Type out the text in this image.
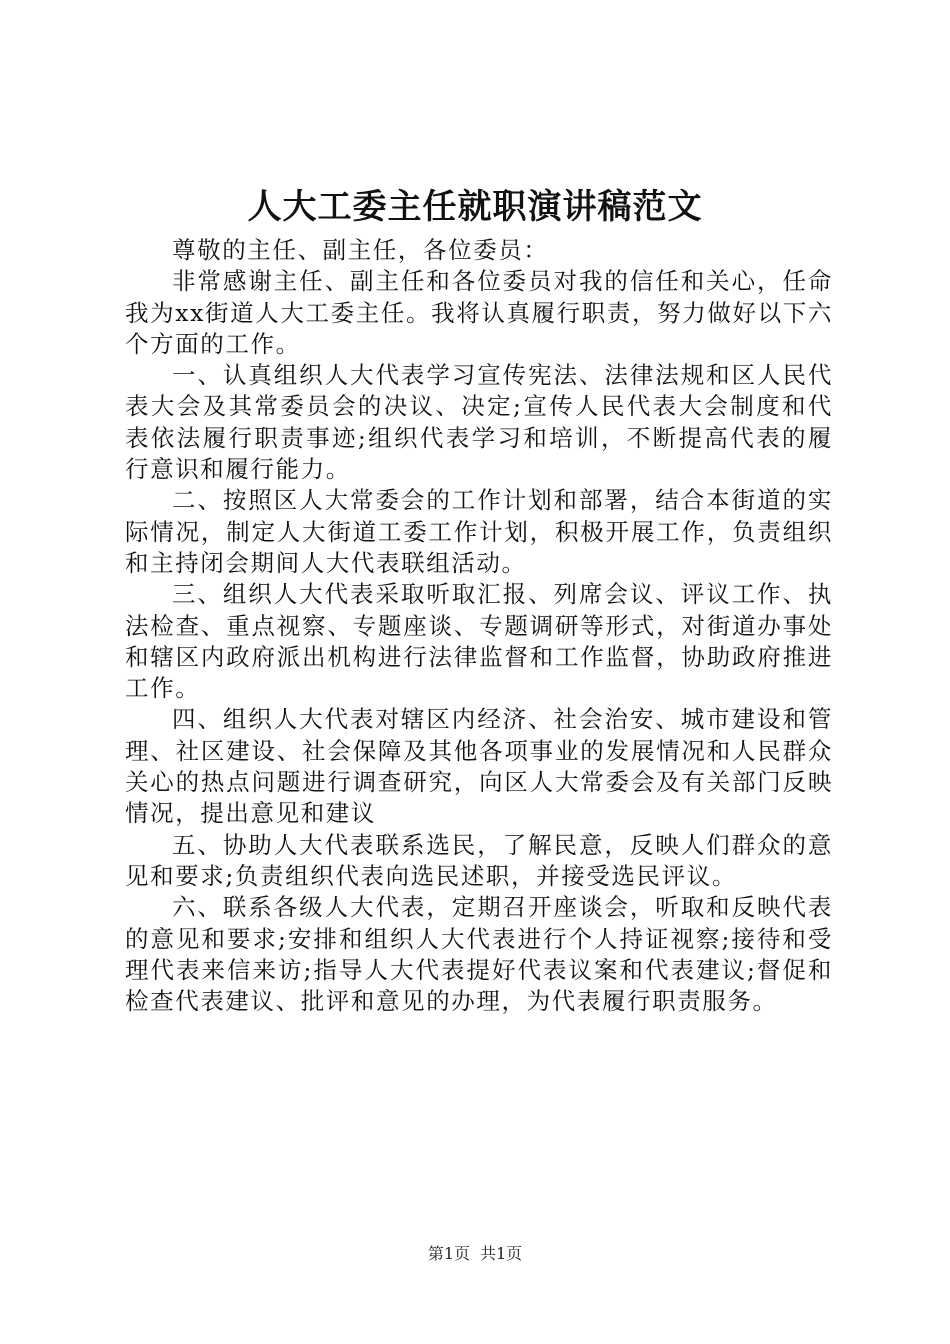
人大工委主任就职演讲稿范文

尊敬的主任、副主任，各位委员：

非常感谢主任、副主任和各位委员对我的信任和关心，任命我为xx街道人大工委主任。我将认真履行职责，努力做好以下六个方面的工作。

一、认真组织人大代表学习宣传宪法、法律法规和区人民代表大会及其常委员会的决议、决定;宣传人民代表大会制度和代表依法履行职责事迹;组织代表学习和培训，不断提高代表的履行意识和履行能力。

二、按照区人大常委会的工作计划和部署，结合本街道的实际情况，制定人大街道工委工作计划，积极开展工作，负责组织和主持闭会期间人大代表联组活动。

三、组织人大代表采取听取汇报、列席会议、评议工作、执法检查、重点视察、专题座谈、专题调研等形式，对街道办事处和辖区内政府派出机构进行法律监督和工作监督，协助政府推进工作。

四、组织人大代表对辖区内经济、社会治安、城市建设和管理、社区建设、社会保障及其他各项事业的发展情况和人民群众关心的热点问题进行调查研究，向区人大常委会及有关部门反映情况，提出意见和建议

五、协助人大代表联系选民，了解民意，反映人们群众的意见和要求;负责组织代表向选民述职，并接受选民评议。

六、联系各级人大代表，定期召开座谈会，听取和反映代表的意见和要求;安排和组织人大代表进行个人持证视察;接待和受理代表来信来访;指导人大代表提好代表议案和代表建议;督促和检查代表建议、批评和意见的办理，为代表履行职责服务。

第1页 共1页
